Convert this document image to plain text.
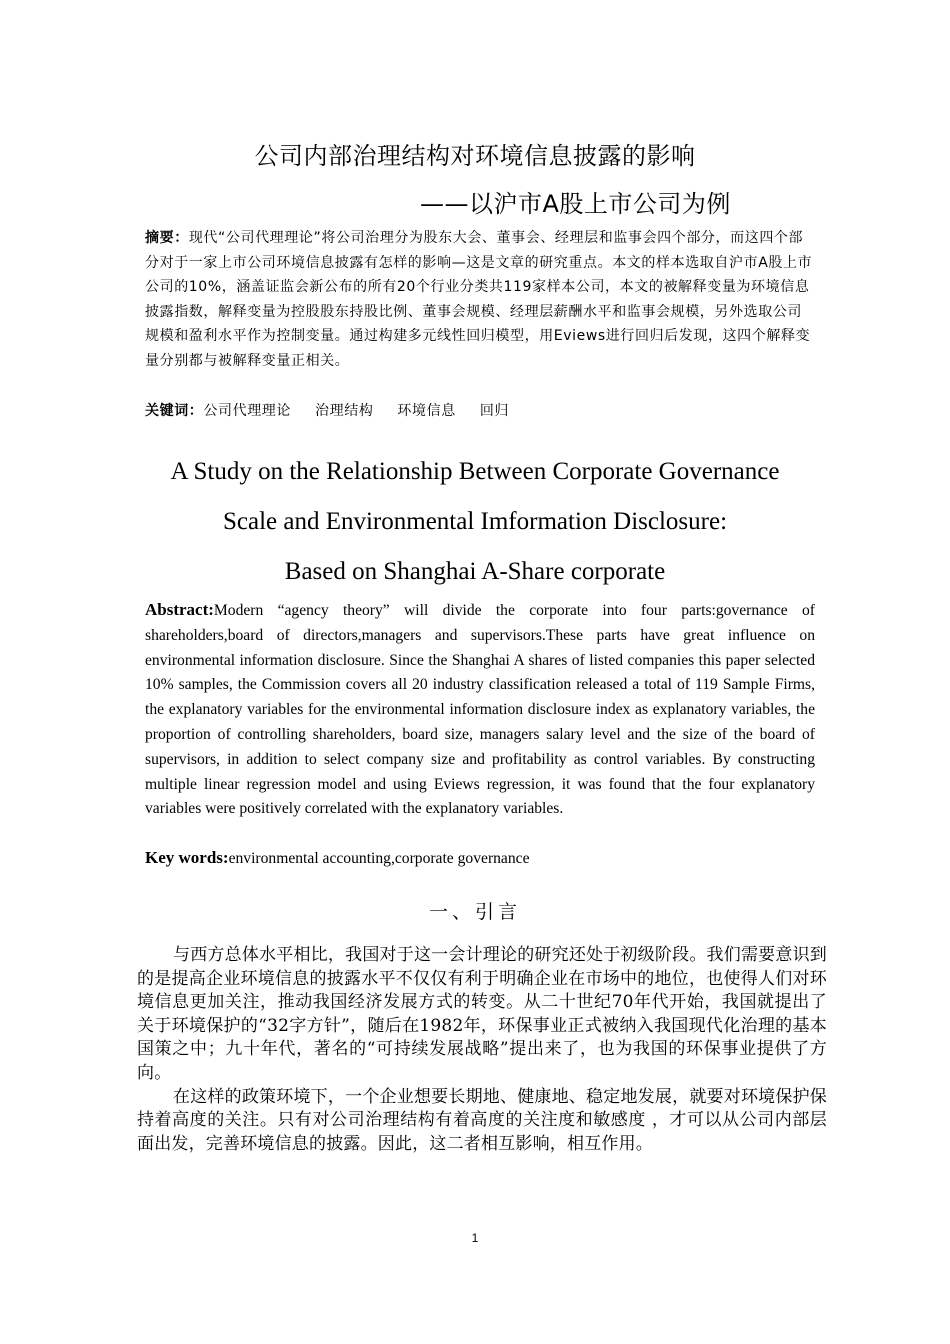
公司内部治理结构对环境信息披露的影响
——以沪市A股上市公司为例
摘要：现代“公司代理理论”将公司治理分为股东大会、董事会、经理层和监事会四个部分，而这四个部分对于一家上市公司环境信息披露有怎样的影响—这是文章的研究重点。本文的样本选取自沪市A股上市公司的10%，涵盖证监会新公布的所有20个行业分类共119家样本公司，本文的被解释变量为环境信息披露指数，解释变量为控股股东持股比例、董事会规模、经理层薪酬水平和监事会规模，另外选取公司规模和盈利水平作为控制变量。通过构建多元线性回归模型，用Eviews进行回归后发现，这四个解释变量分别都与被解释变量正相关。
关键词：公司代理理论 治理结构 环境信息 回归
A Study on the Relationship Between Corporate Governance
Scale and Environmental Imformation Disclosure:
Based on Shanghai A-Share corporate
Abstract:Modern “agency theory” will divide the corporate into four parts:governance of shareholders,board of directors,managers and supervisors.These parts have great influence on environmental information disclosure. Since the Shanghai A shares of listed companies this paper selected 10% samples, the Commission covers all 20 industry classification released a total of 119 Sample Firms, the explanatory variables for the environmental information disclosure index as explanatory variables, the proportion of controlling shareholders, board size, managers salary level and the size of the board of supervisors, in addition to select company size and profitability as control variables. By constructing multiple linear regression model and using Eviews regression, it was found that the four explanatory variables were positively correlated with the explanatory variables.
Key words:environmental accounting,corporate governance
一、引言

与西方总体水平相比，我国对于这一会计理论的研究还处于初级阶段。我们需要意识到的是提高企业环境信息的披露水平不仅仅有利于明确企业在市场中的地位，也使得人们对环境信息更加关注，推动我国经济发展方式的转变。从二十世纪70年代开始，我国就提出了关于环境保护的“32字方针”，随后在1982年，环保事业正式被纳入我国现代化治理的基本国策之中；九十年代，著名的“可持续发展战略”提出来了，也为我国的环保事业提供了方向。

在这样的政策环境下，一个企业想要长期地、健康地、稳定地发展，就要对环境保护保持着高度的关注。只有对公司治理结构有着高度的关注度和敏感度 ，才可以从公司内部层面出发，完善环境信息的披露。因此，这二者相互影响，相互作用。

1
